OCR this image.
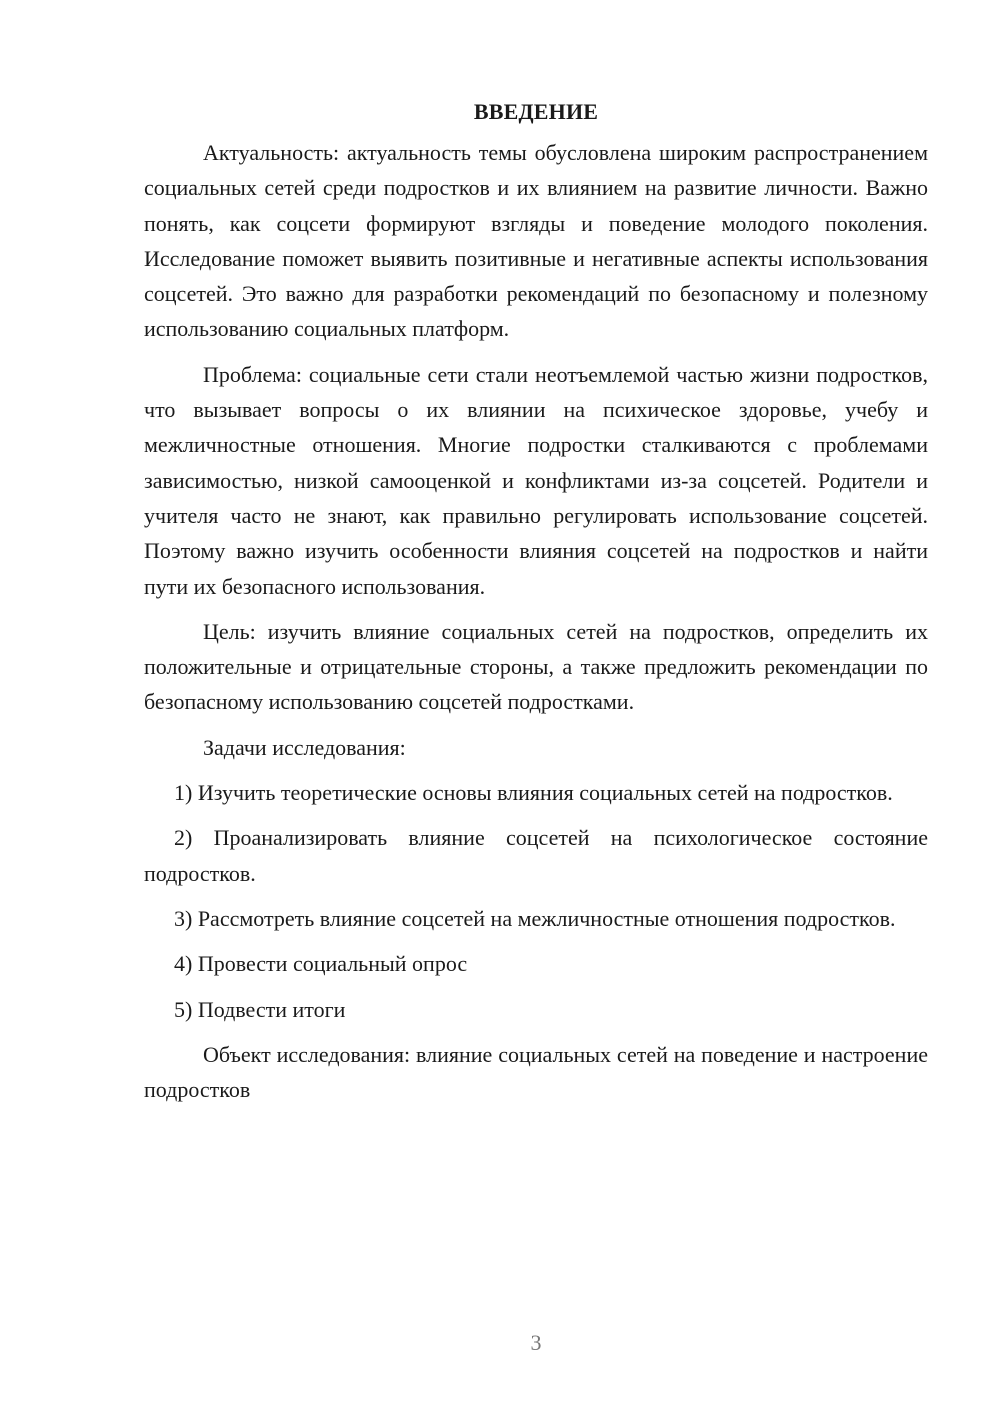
ВВЕДЕНИЕ

Актуальность: актуальность темы обусловлена широким распространением социальных сетей среди подростков и их влиянием на развитие личности. Важно понять, как соцсети формируют взгляды и поведение молодого поколения. Исследование поможет выявить позитивные и негативные аспекты использования соцсетей. Это важно для разработки рекомендаций по безопасному и полезному использованию социальных платформ.

Проблема: социальные сети стали неотъемлемой частью жизни подростков, что вызывает вопросы о их влиянии на психическое здоровье, учебу и межличностные отношения. Многие подростки сталкиваются с проблемами зависимостью, низкой самооценкой и конфликтами из-за соцсетей. Родители и учителя часто не знают, как правильно регулировать использование соцсетей. Поэтому важно изучить особенности влияния соцсетей на подростков и найти пути их безопасного использования.

Цель: изучить влияние социальных сетей на подростков, определить их положительные и отрицательные стороны, а также предложить рекомендации по безопасному использованию соцсетей подростками.

Задачи исследования:

1) Изучить теоретические основы влияния социальных сетей на подростков.

2) Проанализировать влияние соцсетей на психологическое состояние подростков.

3) Рассмотреть влияние соцсетей на межличностные отношения подростков.

4) Провести социальный опрос

5) Подвести итоги

Объект исследования: влияние социальных сетей на поведение и настроение подростков

3
